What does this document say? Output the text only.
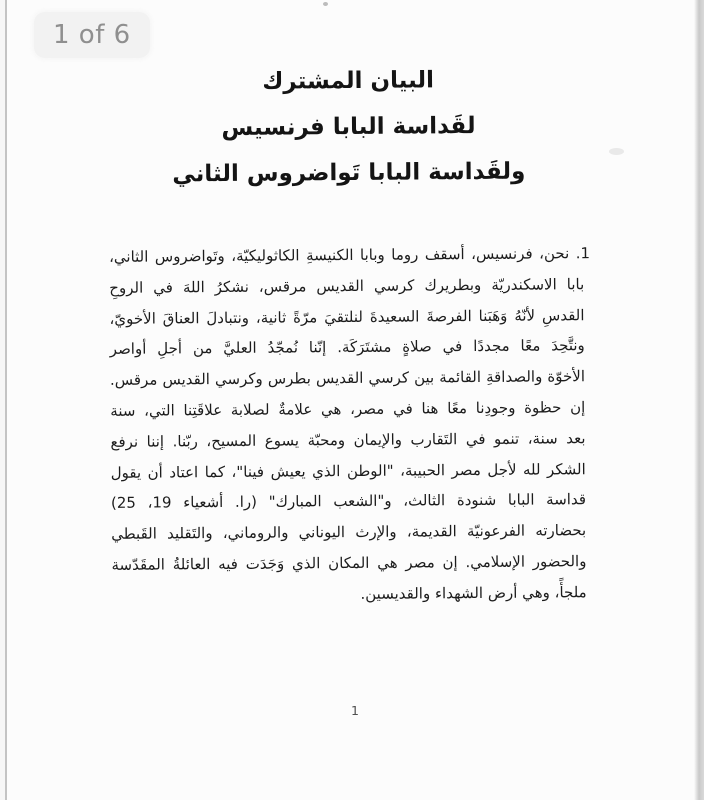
1 of 6
البيان المشترك
لقَداسة البابا فرنسيس
ولقَداسة البابا تَواضروس الثاني
1. نحن، فرنسيس، أسقف روما وبابا الكنيسةِ الكاثوليكيّة، وتَواضروس الثاني،
بابا الاسكندريّة وبطريرك كرسي القديس مرقس، نشكرُ اللهَ في الروحِ
القدسِ لأنّهُ وَهَبَنا الفرصةَ السعيدةَ لنلتقيَ مرّةً ثانية، ونتبادلَ العناقَ الأخويّ،
ونتَّحِدَ معًا مجددًا في صلاةٍ مشتَرَكَة. إنّنا نُمجّدُ العليَّ من أجلِ أواصر
الأخوّة والصداقةِ القائمة بين كرسي القديس بطرس وكرسي القديس مرقس.
إن حظوة وجودِنا معًا هنا في مصر، هي علامةٌ لصلابة علاقَتِنا التي، سنة
بعد سنة، تنمو في التَقارب والإيمان ومحبّة يسوع المسيح، ربّنا. إننا نرفع
الشكر لله لأجل مصر الحبيبة، "الوطن الذي يعيش فينا"، كما اعتاد أن يقول
قداسة البابا شنودة الثالث، و"الشعب المبارك" (را. أشعياء 19، 25)
بحضارته الفرعونيّة القديمة، والإرث اليوناني والروماني، والتَقليد القَبطي
والحضور الإسلامي. إن مصر هي المكان الذي وَجَدَت فيه العائلةُ المقَدّسة
ملجأً، وهي أرض الشهداء والقديسين.
1
